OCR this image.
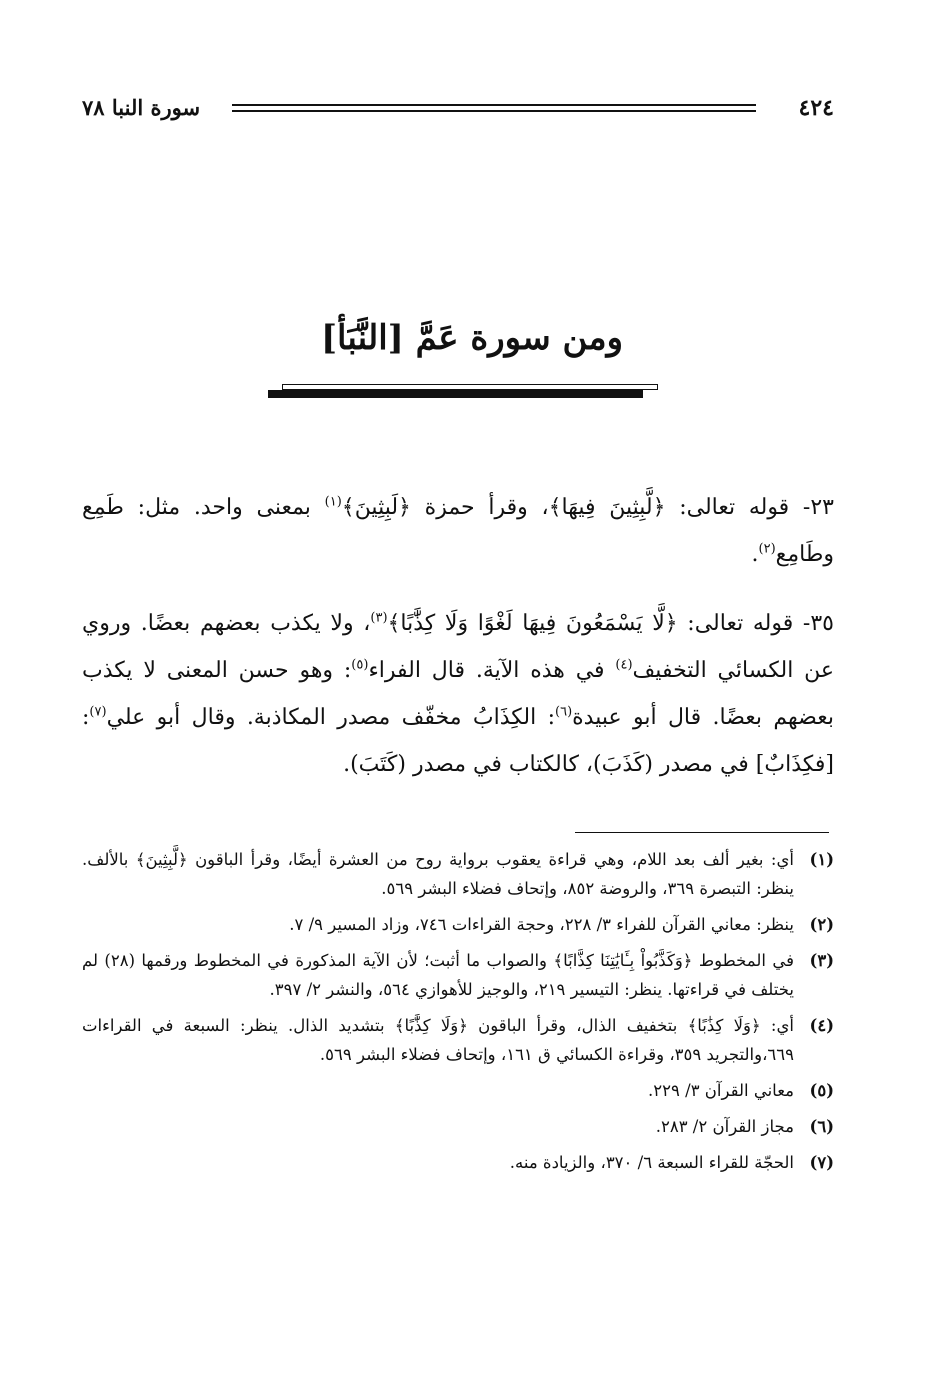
٤٢٤
سورة النبا ٧٨
ومن سورة عَمَّ [النَّبَأ]
٢٣- قوله تعالى: ﴿لَّبِثِينَ فِيهَا﴾، وقرأ حمزة ﴿لَبِثِينَ﴾$^{(١)}$ بمعنى واحد. مثل: طَمِع وطَامِع$^{(٢)}$.
٣٥- قوله تعالى: ﴿لَّا يَسْمَعُونَ فِيهَا لَغْوًا وَلَا كِذَّٰبًا﴾$^{(٣)}$، ولا يكذب بعضهم بعضًا. وروي عن الكسائي التخفيف$^{(٤)}$ في هذه الآية. قال الفراء$^{(٥)}$: وهو حسن المعنى لا يكذب بعضهم بعضًا. قال أبو عبيدة$^{(٦)}$: الكِذَابُ مخفّف مصدر المكاذبة. وقال أبو علي$^{(٧)}$:[فكِذَابٌ] في مصدر (كَذَبَ)، كالكتاب في مصدر (كَتَبَ).
(١)
أي: بغير ألف بعد اللام، وهي قراءة يعقوب برواية روح من العشرة أيضًا، وقرأ الباقون ﴿لَّبِثِينَ﴾ بالألف. ينظر: التبصرة ٣٦٩، والروضة ٨٥٢، وإتحاف فضلاء البشر ٥٦٩.
(٢)
ينظر: معاني القرآن للفراء ٣/ ٢٢٨، وحجة القراءات ٧٤٦، وزاد المسير ٩/ ٧.
(٣)
في المخطوط ﴿وَكَذَّبُواْ بِـَٔايَٰتِنَا كِذَّابًا﴾ والصواب ما أثبت؛ لأن الآية المذكورة في المخطوط ورقمها (٢٨) لم يختلف في قراءتها. ينظر: التيسير ٢١٩، والوجيز للأهوازي ٥٦٤، والنشر ٢/ ٣٩٧.
(٤)
أي: ﴿وَلَا كِذَٰبًا﴾ بتخفيف الذال، وقرأ الباقون ﴿وَلَا كِذَّٰبًا﴾ بتشديد الذال. ينظر: السبعة في القراءات ٦٦٩،والتجريد ٣٥٩، وقراءة الكسائي ق ١٦١، وإتحاف فضلاء البشر ٥٦٩.
(٥)
معاني القرآن ٣/ ٢٢٩.
(٦)
مجاز القرآن ٢/ ٢٨٣.
(٧)
الحجّة للقراء السبعة ٦/ ٣٧٠، والزيادة منه.
